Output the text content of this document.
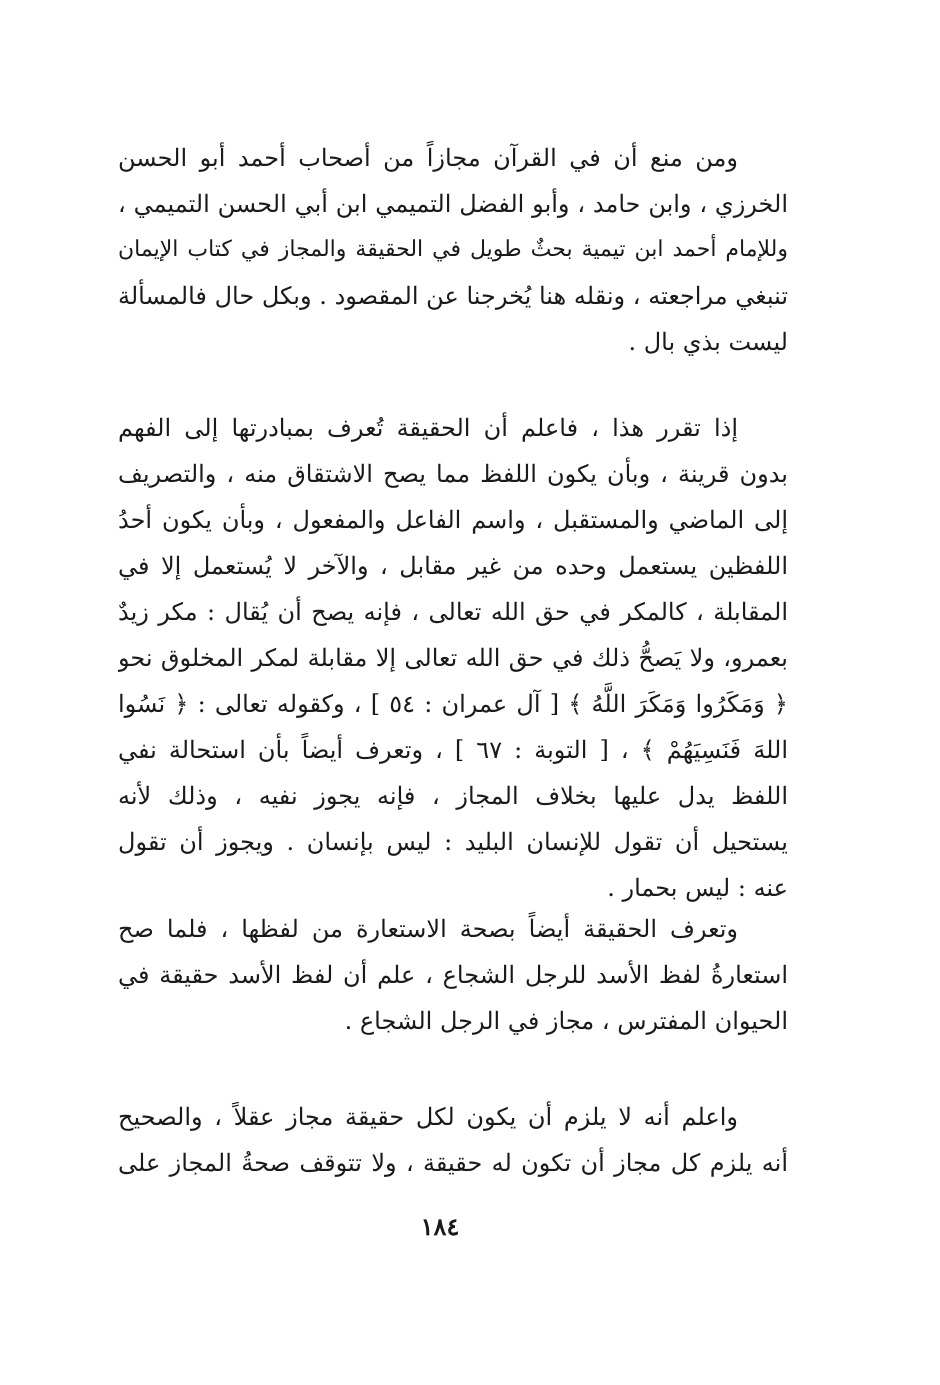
ومن منع أن في القرآن مجازاً من أصحاب أحمد أبو الحسن
الخرزي ، وابن حامد ، وأبو الفضل التميمي ابن أبي الحسن التميمي ،
وللإمام أحمد ابن تيمية بحثٌ طويل في الحقيقة والمجاز في كتاب الإيمان
تنبغي مراجعته ، ونقله هنا يُخرجنا عن المقصود . وبكل حال فالمسألة
ليست بذي بال .
إذا تقرر هذا ، فاعلم أن الحقيقة تُعرف بمبادرتها إلى الفهم
بدون قرينة ، وبأن يكون اللفظ مما يصح الاشتقاق منه ، والتصريف
إلى الماضي والمستقبل ، واسم الفاعل والمفعول ، وبأن يكون أحدُ
اللفظين يستعمل وحده من غير مقابل ، والآخر لا يُستعمل إلا في
المقابلة ، كالمكر في حق الله تعالى ، فإنه يصح أن يُقال : مكر زيدٌ
بعمرو، ولا يَصحُّ ذلك في حق الله تعالى إلا مقابلة لمكر المخلوق نحو
﴿ وَمَكَرُوا وَمَكَرَ اللَّهُ ﴾ [ آل عمران : ٥٤ ] ، وكقوله تعالى : ﴿ نَسُوا
اللهَ فَنَسِيَهُمْ ﴾ ، [ التوبة : ٦٧ ] ، وتعرف أيضاً بأن استحالة نفي
اللفظ يدل عليها بخلاف المجاز ، فإنه يجوز نفيه ، وذلك لأنه
يستحيل أن تقول للإنسان البليد : ليس بإنسان . ويجوز أن تقول
عنه : ليس بحمار .
وتعرف الحقيقة أيضاً بصحة الاستعارة من لفظها ، فلما صح
استعارةُ لفظ الأسد للرجل الشجاع ، علم أن لفظ الأسد حقيقة في
الحيوان المفترس ، مجاز في الرجل الشجاع .
واعلم أنه لا يلزم أن يكون لكل حقيقة مجاز عقلاً ، والصحيح
أنه يلزم كل مجاز أن تكون له حقيقة ، ولا تتوقف صحةُ المجاز على
١٨٤
